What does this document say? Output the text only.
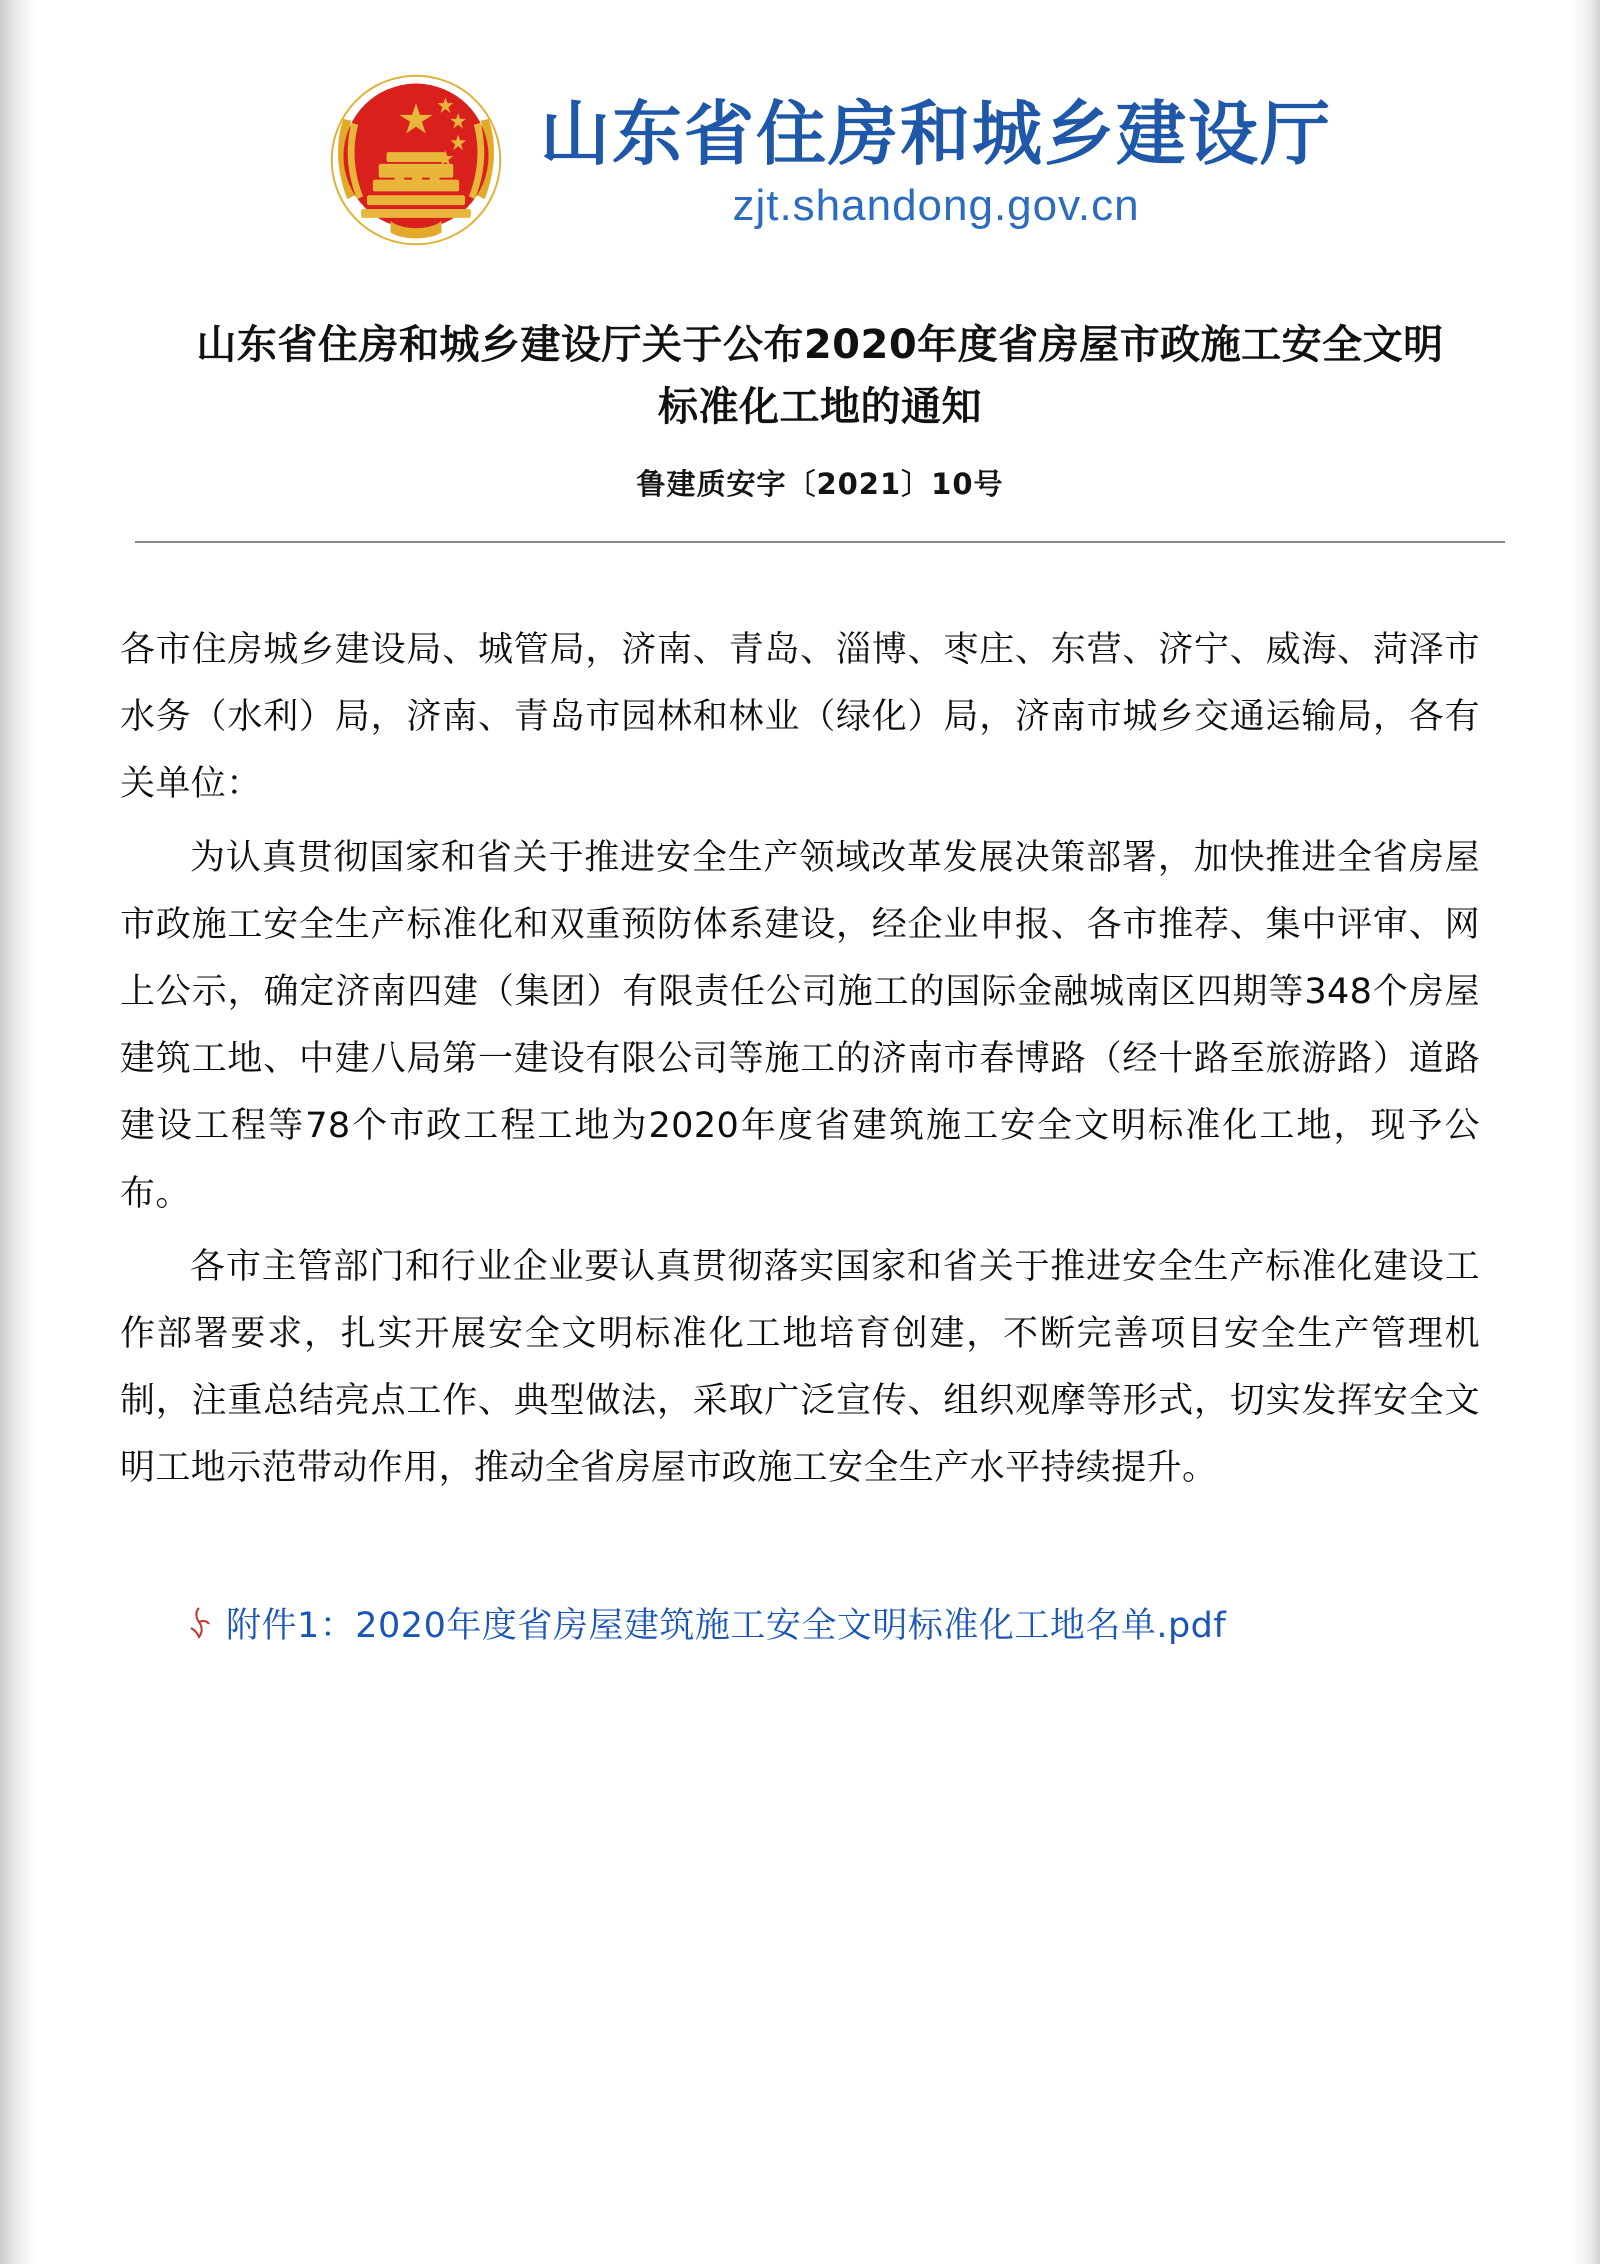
山东省住房和城乡建设厅
zjt.shandong.gov.cn
山东省住房和城乡建设厅关于公布2020年度省房屋市政施工安全文明标准化工地的通知
鲁建质安字〔2021〕10号

各市住房城乡建设局、城管局，济南、青岛、淄博、枣庄、东营、济宁、威海、菏泽市水务（水利）局，济南、青岛市园林和林业（绿化）局，济南市城乡交通运输局，各有关单位：

为认真贯彻国家和省关于推进安全生产领域改革发展决策部署，加快推进全省房屋市政施工安全生产标准化和双重预防体系建设，经企业申报、各市推荐、集中评审、网上公示，确定济南四建（集团）有限责任公司施工的国际金融城南区四期等348个房屋建筑工地、中建八局第一建设有限公司等施工的济南市春博路（经十路至旅游路）道路建设工程等78个市政工程工地为2020年度省建筑施工安全文明标准化工地，现予公布。

各市主管部门和行业企业要认真贯彻落实国家和省关于推进安全生产标准化建设工作部署要求，扎实开展安全文明标准化工地培育创建，不断完善项目安全生产管理机制，注重总结亮点工作、典型做法，采取广泛宣传、组织观摩等形式，切实发挥安全文明工地示范带动作用，推动全省房屋市政施工安全生产水平持续提升。

附件1：2020年度省房屋建筑施工安全文明标准化工地名单.pdf
